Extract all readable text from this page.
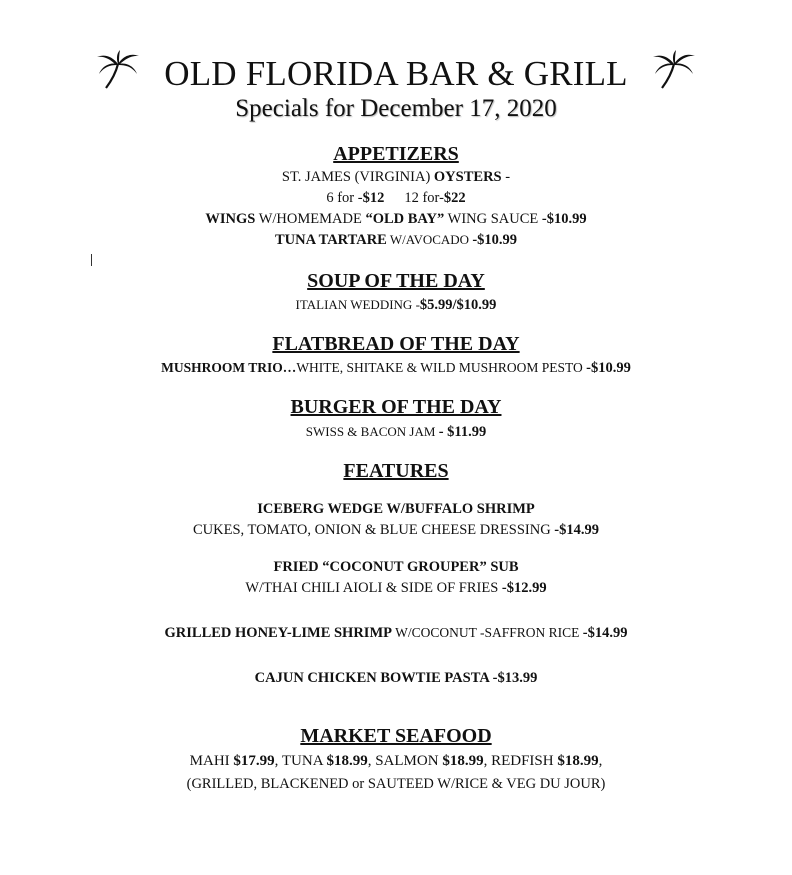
OLD FLORIDA BAR & GRILL
Specials for December 17, 2020
APPETIZERS
ST. JAMES (VIRGINIA) OYSTERS -
6 for -$12 12 for-$22
WINGS W/HOMEMADE “OLD BAY” WING SAUCE -$10.99
TUNA TARTARE W/AVOCADO -$10.99
SOUP OF THE DAY
ITALIAN WEDDING -$5.99/$10.99
FLATBREAD OF THE DAY
MUSHROOM TRIO…WHITE, SHITAKE & WILD MUSHROOM PESTO -$10.99
BURGER OF THE DAY
SWISS & BACON JAM - $11.99
FEATURES
ICEBERG WEDGE W/BUFFALO SHRIMP
CUKES, TOMATO, ONION & BLUE CHEESE DRESSING -$14.99
FRIED “COCONUT GROUPER” SUB
W/THAI CHILI AIOLI & SIDE OF FRIES -$12.99
GRILLED HONEY-LIME SHRIMP W/COCONUT -SAFFRON RICE -$14.99
CAJUN CHICKEN BOWTIE PASTA -$13.99
MARKET SEAFOOD
MAHI $17.99, TUNA $18.99, SALMON $18.99, REDFISH $18.99,
(GRILLED, BLACKENED or SAUTEED W/RICE & VEG DU JOUR)
